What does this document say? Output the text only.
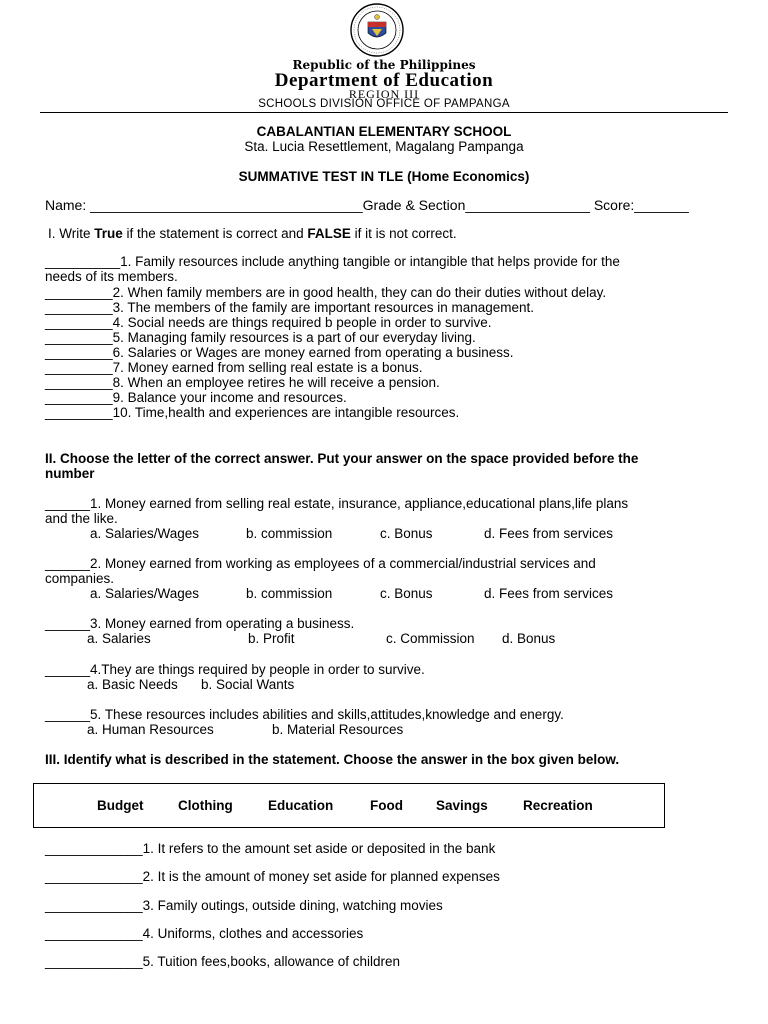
Republic of the Philippines
Department of Education
REGION III
SCHOOLS DIVISION OFFICE OF PAMPANGA
CABALANTIAN ELEMENTARY SCHOOL
Sta. Lucia Resettlement, Magalang Pampanga
SUMMATIVE TEST IN TLE (Home Economics)
Name: ___________________________________Grade & Section________________ Score:_______
I. Write True if the statement is correct and FALSE if it is not correct.
__________1. Family resources include anything tangible or intangible that helps provide for the
needs of its members.
_________2. When family members are in good health, they can do their duties without delay.
_________3. The members of the family are important resources in management.
_________4. Social needs are things required b people in order to survive.
_________5. Managing family resources is a part of our everyday living.
_________6. Salaries or Wages are money earned from operating a business.
_________7. Money earned from selling real estate is a bonus.
_________8. When an employee retires he will receive a pension.
_________9. Balance your income and resources.
_________10. Time,health and experiences are intangible resources.
II. Choose the letter of the correct answer. Put your answer on the space provided before the
number
______1. Money earned from selling real estate, insurance, appliance,educational plans,life plans
and the like.
a. Salaries/Wages	b. commission	c. Bonus	d. Fees from services
______2. Money earned from working as employees of a commercial/industrial services and
companies.
a. Salaries/Wages	b. commission	c. Bonus	d. Fees from services
______3. Money earned from operating a business.
a. Salaries	b. Profit	c. Commission d. Bonus
______4.They are things required by people in order to survive.
a. Basic Needs b. Social Wants
______5. These resources includes abilities and skills,attitudes,knowledge and energy.
a. Human Resources	b. Material Resources
III. Identify what is described in the statement. Choose the answer in the box given below.
Budget	Clothing	Education	Food Savings	Recreation
_____________1. It refers to the amount set aside or deposited in the bank
_____________2. It is the amount of money set aside for planned expenses
_____________3. Family outings, outside dining, watching movies
_____________4. Uniforms, clothes and accessories
_____________5. Tuition fees,books, allowance of children
